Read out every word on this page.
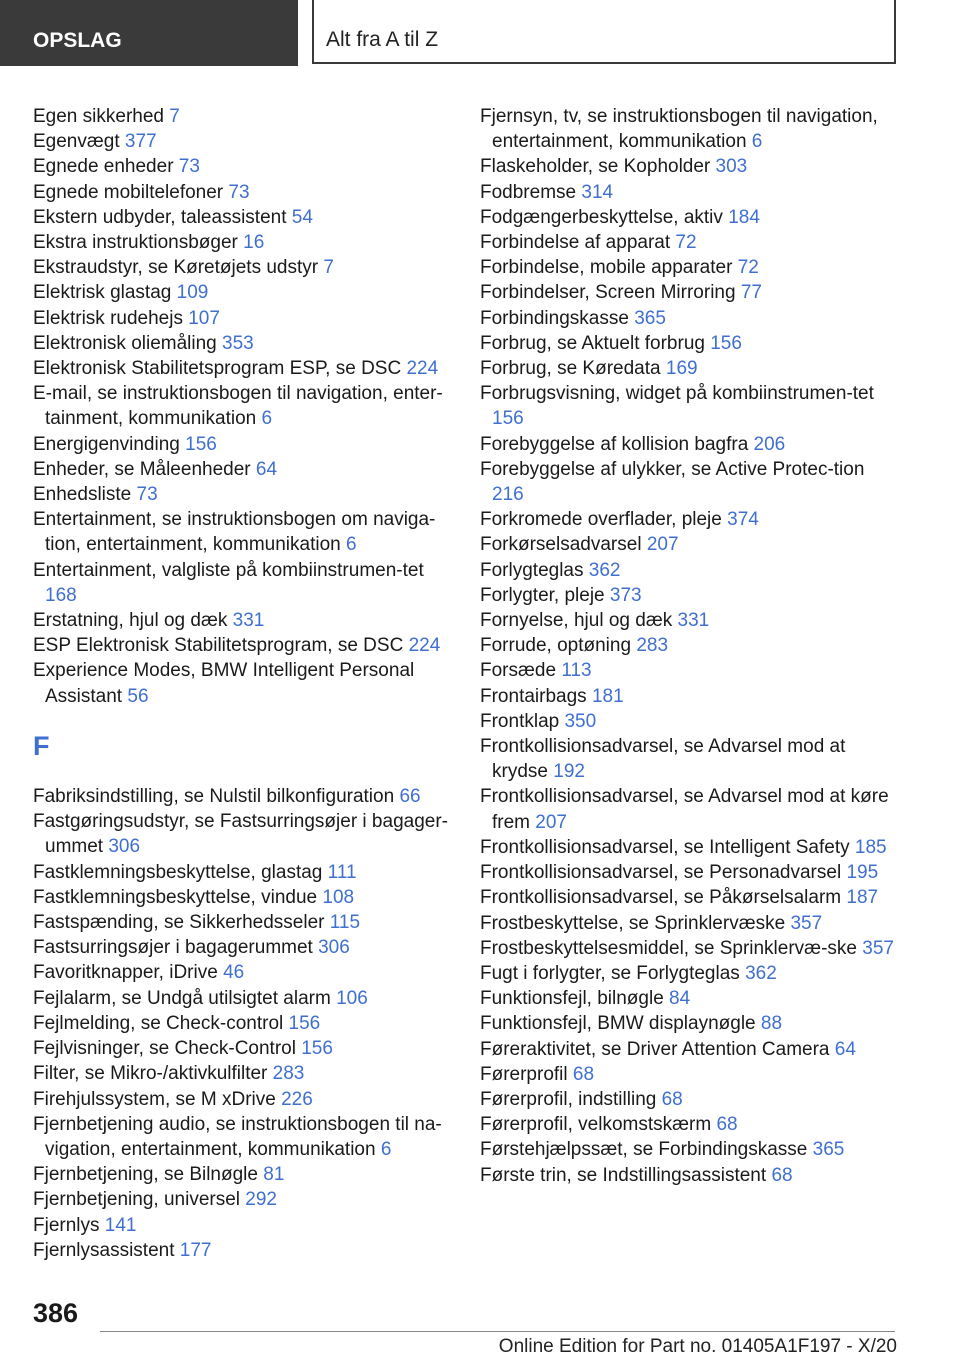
OPSLAG	Alt fra A til Z
Egen sikkerhed 7
Egenvægt 377
Egnede enheder 73
Egnede mobiltelefoner 73
Ekstern udbyder, taleassistent 54
Ekstra instruktionsbøger 16
Ekstraudstyr, se Køretøjets udstyr 7
Elektrisk glastag 109
Elektrisk rudehejs 107
Elektronisk oliemåling 353
Elektronisk Stabilitetsprogram ESP, se DSC 224
E-mail, se instruktionsbogen til navigation, enter-tainment, kommunikation 6
Energigenvinding 156
Enheder, se Måleenheder 64
Enhedsliste 73
Entertainment, se instruktionsbogen om naviga-tion, entertainment, kommunikation 6
Entertainment, valgliste på kombiinstrumen-tet 168
Erstatning, hjul og dæk 331
ESP Elektronisk Stabilitetsprogram, se DSC 224
Experience Modes, BMW Intelligent Personal Assistant 56
F
Fabriksindstilling, se Nulstil bilkonfiguration 66
Fastgøringsudstyr, se Fastsurringsøjer i bagager-ummet 306
Fastklemningsbeskyttelse, glastag 111
Fastklemningsbeskyttelse, vindue 108
Fastspænding, se Sikkerhedsseler 115
Fastsurringsøjer i bagagerummet 306
Favoritknapper, iDrive 46
Fejlalarm, se Undgå utilsigtet alarm 106
Fejlmelding, se Check-control 156
Fejlvisninger, se Check-Control 156
Filter, se Mikro-/aktivkulfilter 283
Firehjulssystem, se M xDrive 226
Fjernbetjening audio, se instruktionsbogen til na-vigation, entertainment, kommunikation 6
Fjernbetjening, se Bilnøgle 81
Fjernbetjening, universel 292
Fjernlys 141
Fjernlysassistent 177
Fjernsyn, tv, se instruktionsbogen til navigation, entertainment, kommunikation 6
Flaskeholder, se Kopholder 303
Fodbremse 314
Fodgængerbeskyttelse, aktiv 184
Forbindelse af apparat 72
Forbindelse, mobile apparater 72
Forbindelser, Screen Mirroring 77
Forbindingskasse 365
Forbrug, se Aktuelt forbrug 156
Forbrug, se Køredata 169
Forbrugsvisning, widget på kombiinstrumen-tet 156
Forebyggelse af kollision bagfra 206
Forebyggelse af ulykker, se Active Protec-tion 216
Forkromede overflader, pleje 374
Forkørselsadvarsel 207
Forlygteglas 362
Forlygter, pleje 373
Fornyelse, hjul og dæk 331
Forrude, optøning 283
Forsæde 113
Frontairbags 181
Frontklap 350
Frontkollisionsadvarsel, se Advarsel mod at krydse 192
Frontkollisionsadvarsel, se Advarsel mod at køre frem 207
Frontkollisionsadvarsel, se Intelligent Safety 185
Frontkollisionsadvarsel, se Personadvarsel 195
Frontkollisionsadvarsel, se Påkørselsalarm 187
Frostbeskyttelse, se Sprinklervæske 357
Frostbeskyttelsesmiddel, se Sprinklervæ-ske 357
Fugt i forlygter, se Forlygteglas 362
Funktionsfejl, bilnøgle 84
Funktionsfejl, BMW displaynøgle 88
Føreraktivitet, se Driver Attention Camera 64
Førerprofil 68
Førerprofil, indstilling 68
Førerprofil, velkomstskærm 68
Førstehjælpssæt, se Forbindingskasse 365
Første trin, se Indstillingsassistent 68
386
Online Edition for Part no. 01405A1F197 - X/20
